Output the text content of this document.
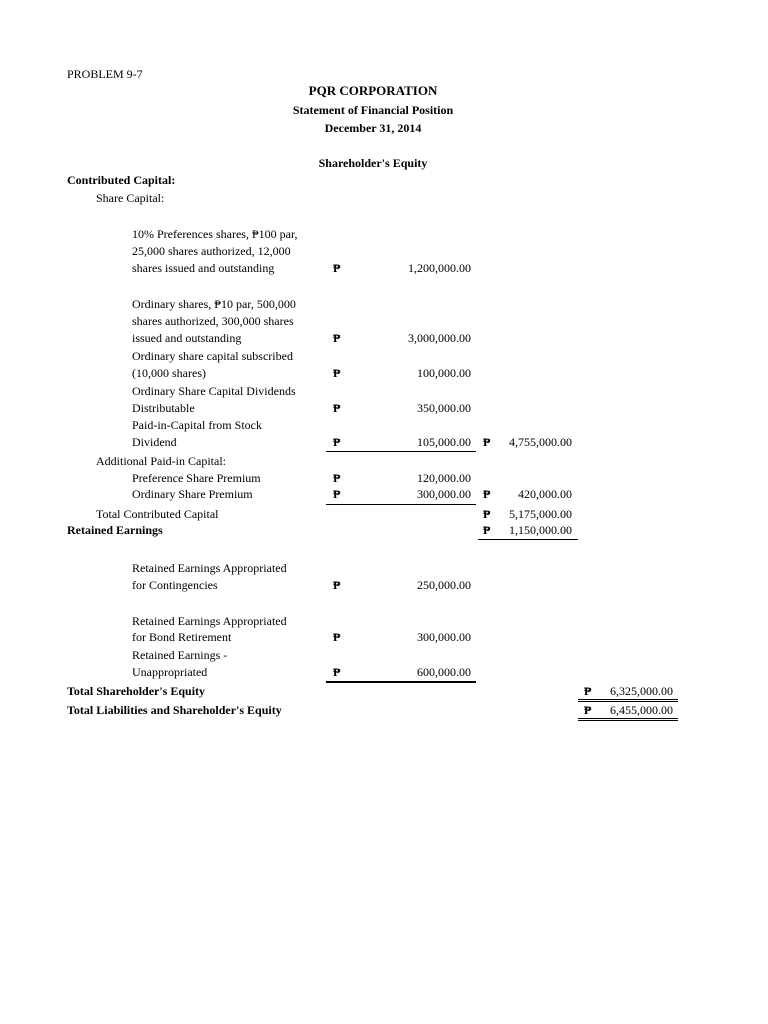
PROBLEM 9-7
PQR CORPORATION
Statement of Financial Position
December 31, 2014
Shareholder's Equity
Contributed Capital:
Share Capital:
10% Preferences shares, ₱100 par,
25,000 shares authorized, 12,000
shares issued and outstanding	₱	1,200,000.00
Ordinary shares, ₱10 par, 500,000
shares authorized, 300,000 shares
issued and outstanding	₱	3,000,000.00
Ordinary share capital subscribed
(10,000 shares)	₱	100,000.00
Ordinary Share Capital Dividends
Distributable	₱	350,000.00
Paid-in-Capital from Stock
Dividend	₱	105,000.00 ₱	4,755,000.00
Additional Paid-in Capital:
Preference Share Premium	₱	120,000.00
Ordinary Share Premium	₱	300,000.00 ₱	420,000.00
Total Contributed Capital	₱	5,175,000.00
Retained Earnings	₱	1,150,000.00
Retained Earnings Appropriated
for Contingencies	₱	250,000.00
Retained Earnings Appropriated
for Bond Retirement	₱	300,000.00
Retained Earnings -
Unappropriated	₱	600,000.00
Total Shareholder's Equity	₱	6,325,000.00
Total Liabilities and Shareholder's Equity	₱	6,455,000.00
